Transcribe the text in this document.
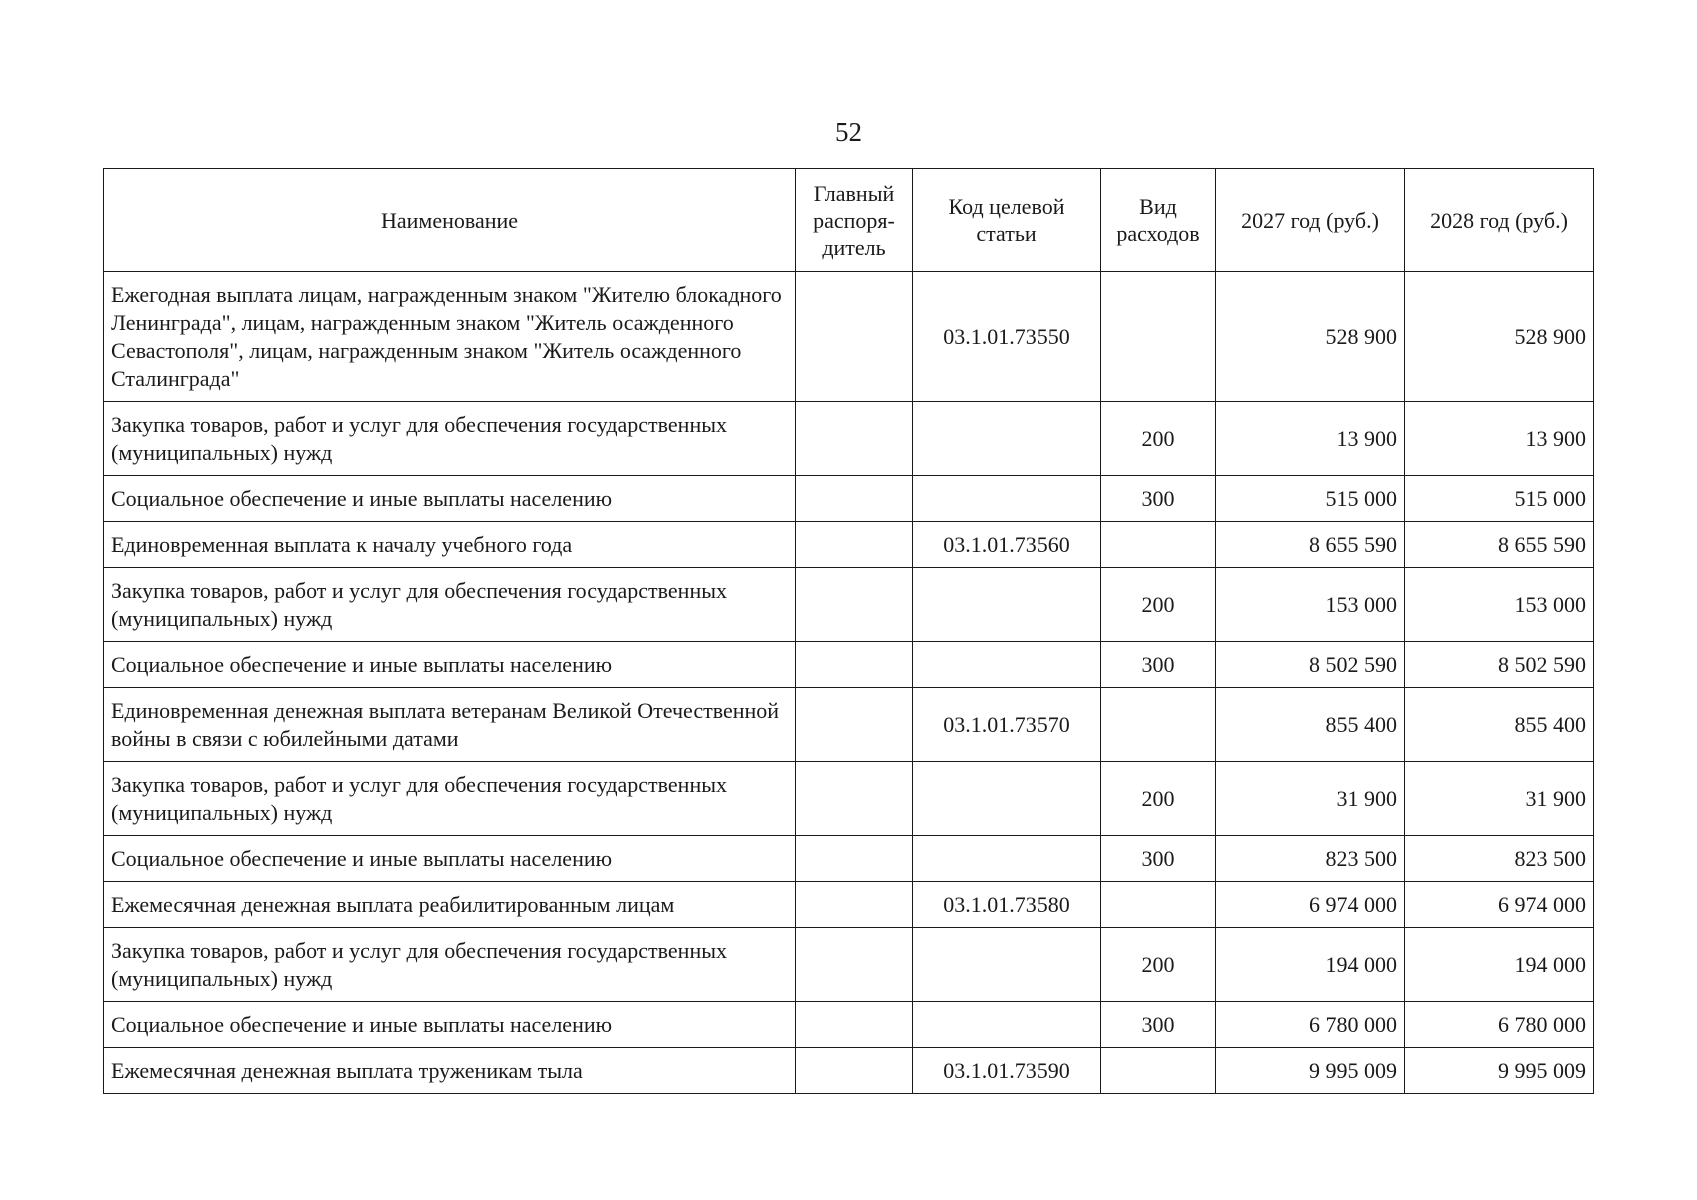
52
Наименование	Главный распоря-дитель	Код целевой статьи	Вид расходов	2027 год (руб.)	2028 год (руб.)
Ежегодная выплата лицам, награжденным знаком "Жителю блокадного Ленинграда", лицам, награжденным знаком "Житель осажденного Севастополя", лицам, награжденным знаком "Житель осажденного Сталинграда"		03.1.01.73550		528 900	528 900
Закупка товаров, работ и услуг для обеспечения государственных (муниципальных) нужд			200	13 900	13 900
Социальное обеспечение и иные выплаты населению			300	515 000	515 000
Единовременная выплата к началу учебного года		03.1.01.73560		8 655 590	8 655 590
Закупка товаров, работ и услуг для обеспечения государственных (муниципальных) нужд			200	153 000	153 000
Социальное обеспечение и иные выплаты населению			300	8 502 590	8 502 590
Единовременная денежная выплата ветеранам Великой Отечественной войны в связи с юбилейными датами		03.1.01.73570		855 400	855 400
Закупка товаров, работ и услуг для обеспечения государственных (муниципальных) нужд			200	31 900	31 900
Социальное обеспечение и иные выплаты населению			300	823 500	823 500
Ежемесячная денежная выплата реабилитированным лицам		03.1.01.73580		6 974 000	6 974 000
Закупка товаров, работ и услуг для обеспечения государственных (муниципальных) нужд			200	194 000	194 000
Социальное обеспечение и иные выплаты населению			300	6 780 000	6 780 000
Ежемесячная денежная выплата труженикам тыла		03.1.01.73590		9 995 009	9 995 009
